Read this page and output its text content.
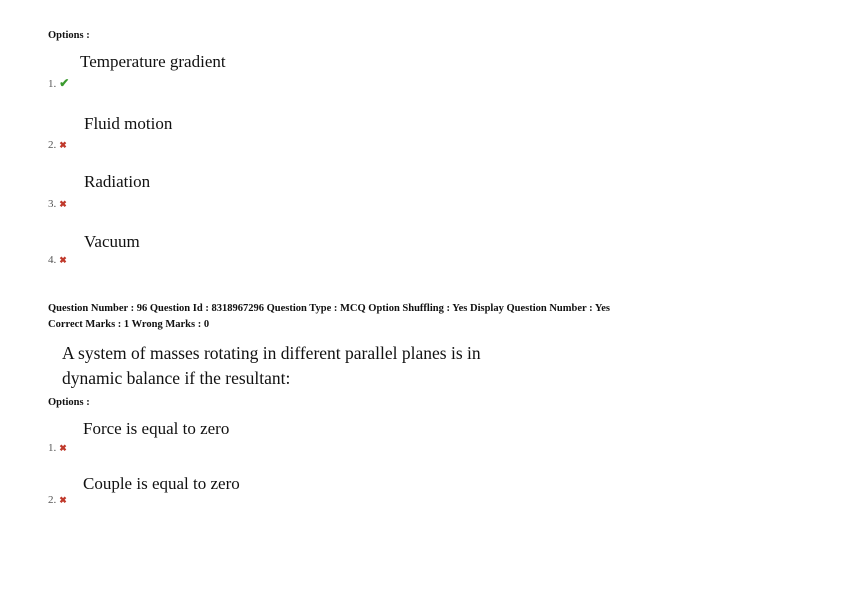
Options :
Temperature gradient
1. ✔
Fluid motion
2. ✖
Radiation
3. ✖
Vacuum
4. ✖
Question Number : 96 Question Id : 8318967296 Question Type : MCQ Option Shuffling : Yes Display Question Number : Yes
Correct Marks : 1 Wrong Marks : 0
A system of masses rotating in different parallel planes is in
dynamic balance if the resultant:
Options :
Force is equal to zero
1. ✖
Couple is equal to zero
2. ✖
